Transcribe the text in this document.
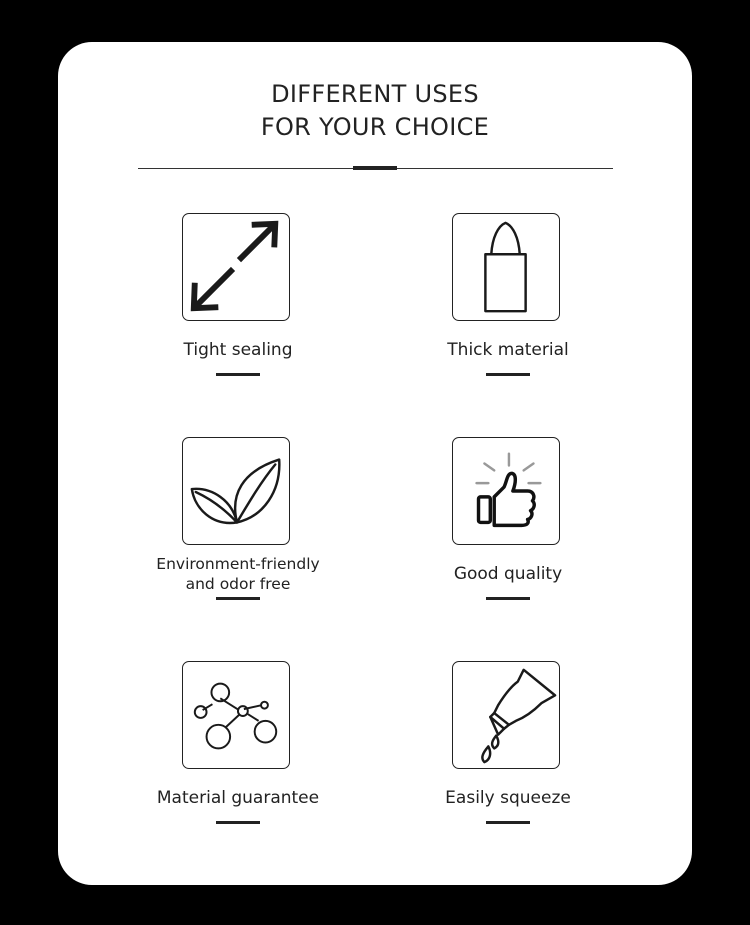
DIFFERENT USES
FOR YOUR CHOICE
Tight sealing	Thick material
Environment-friendly
and odor free	Good quality
Material guarantee	Easily squeeze
